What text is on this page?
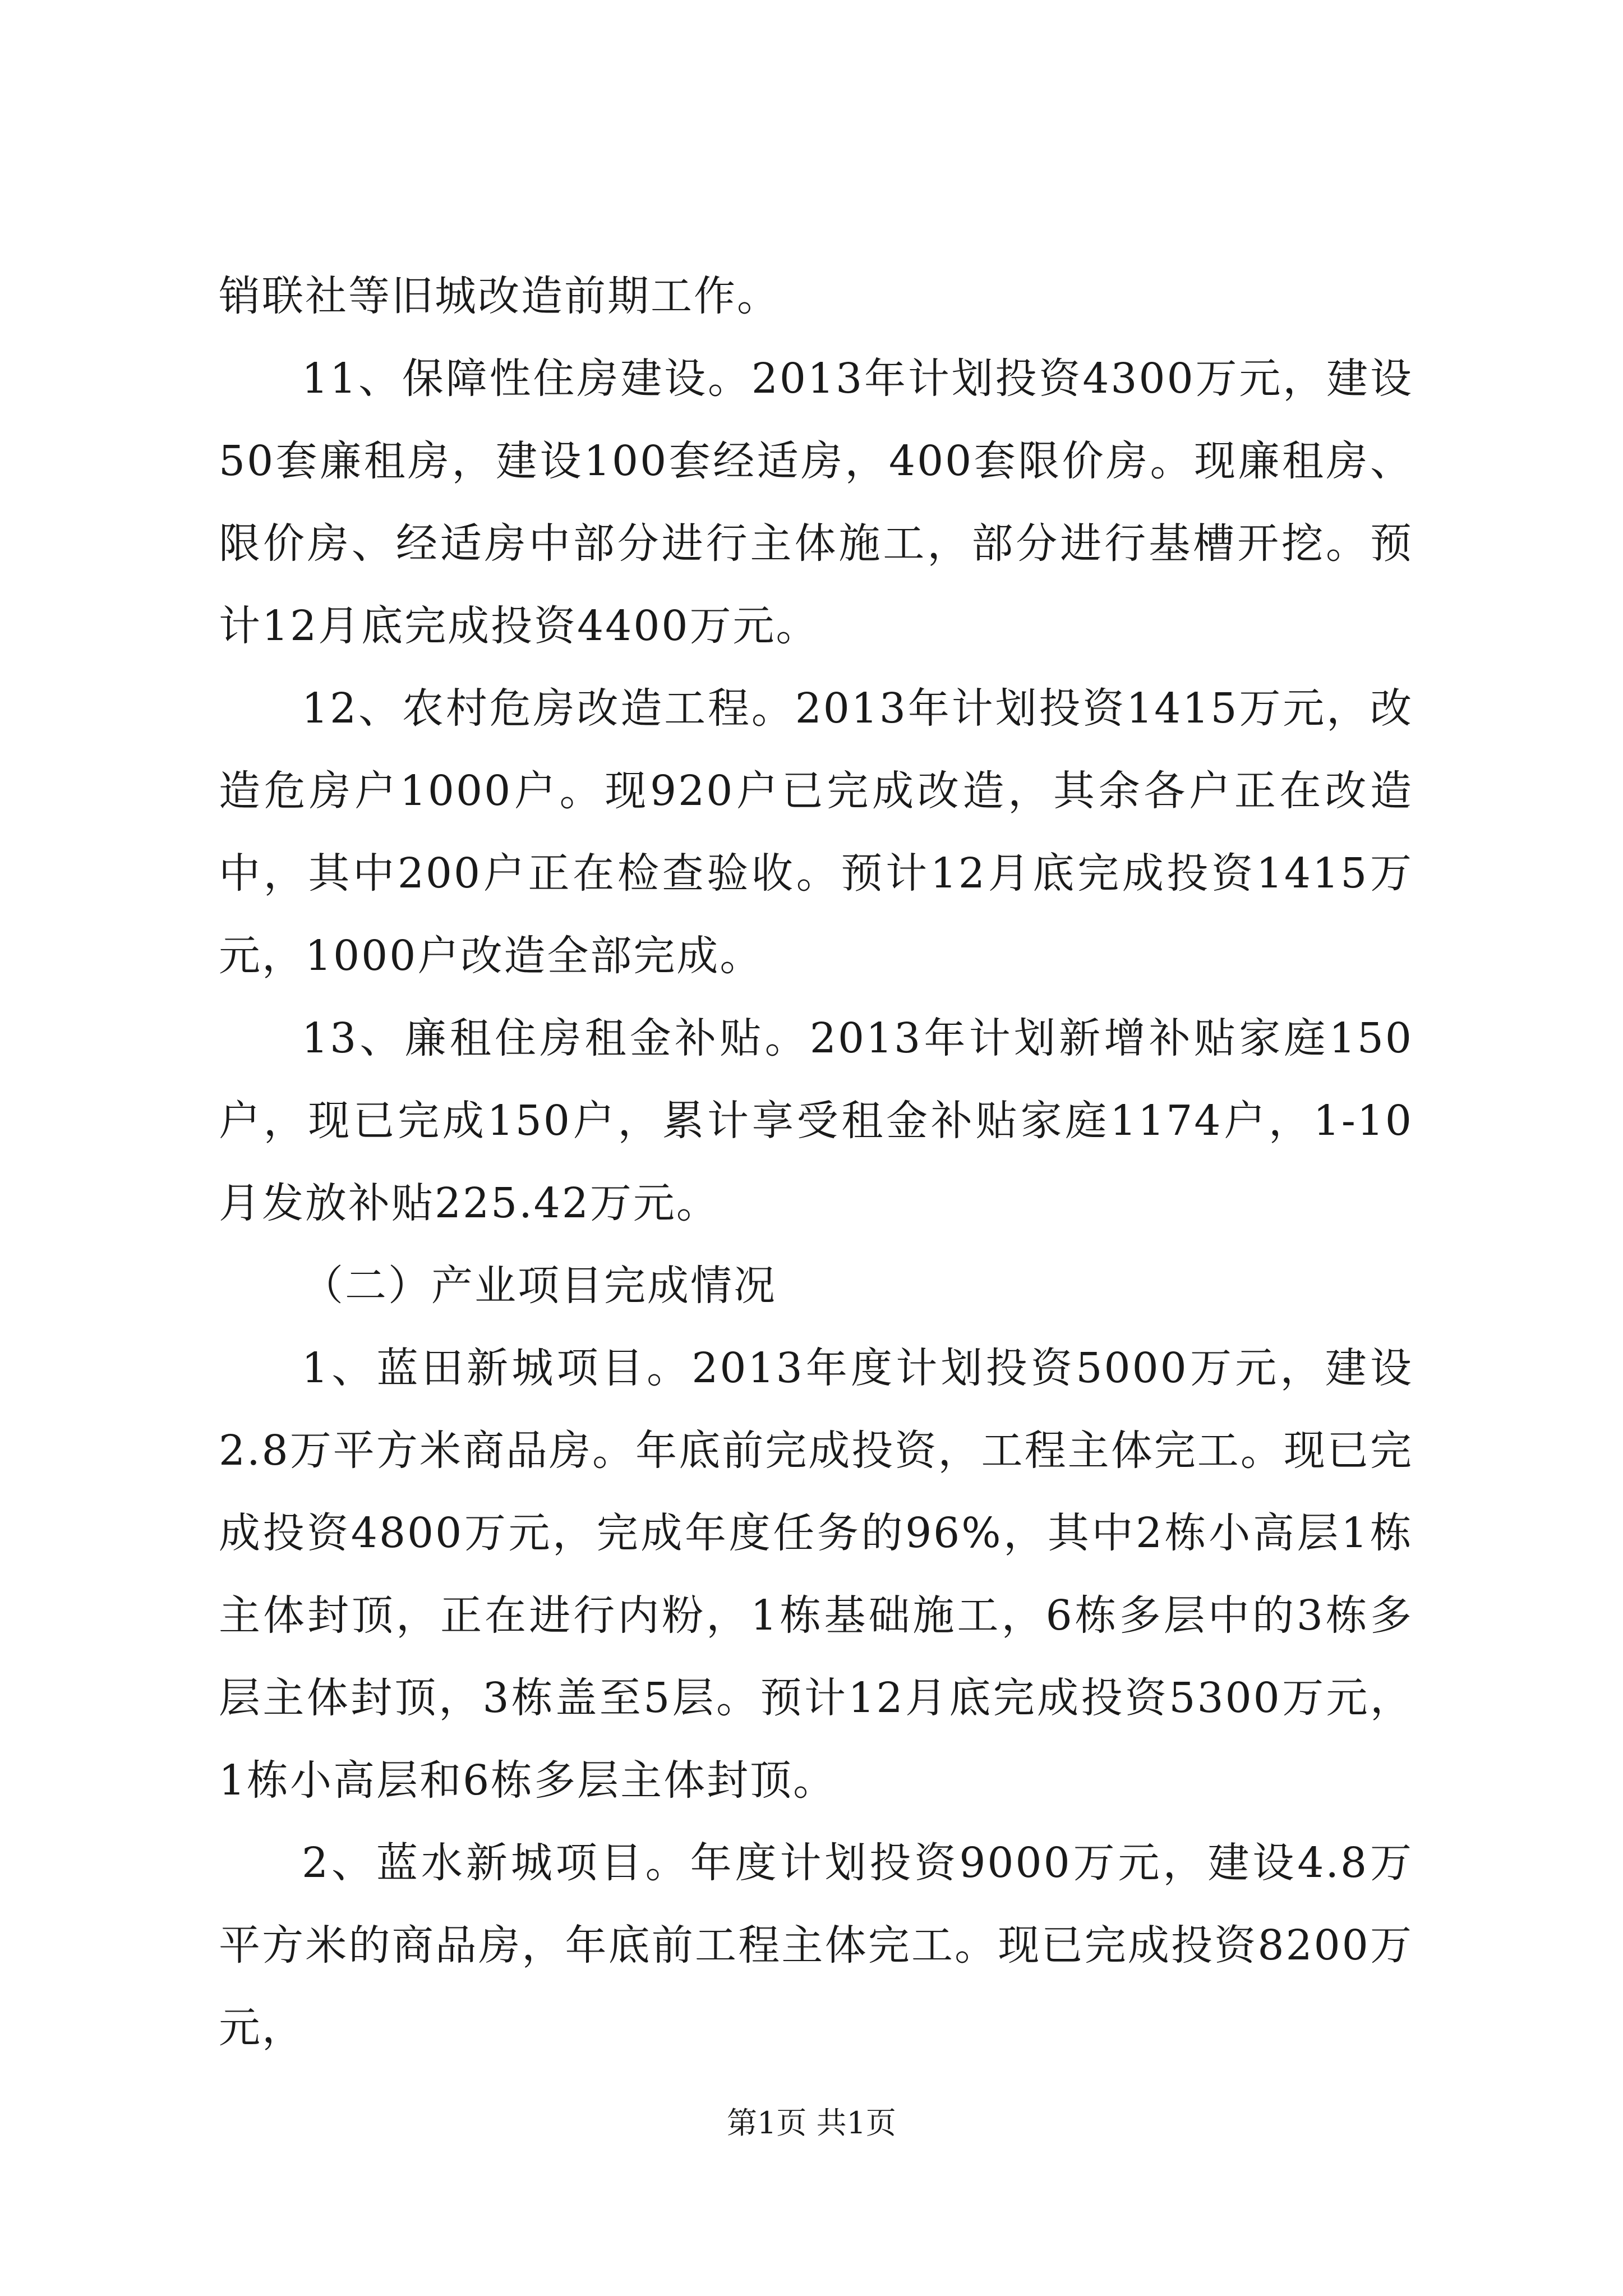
销联社等旧城改造前期工作。

11、保障性住房建设。2013年计划投资4300万元，建设50套廉租房，建设100套经适房，400套限价房。现廉租房、限价房、经适房中部分进行主体施工，部分进行基槽开挖。预计12月底完成投资4400万元。

12、农村危房改造工程。2013年计划投资1415万元，改造危房户1000户。现920户已完成改造，其余各户正在改造中，其中200户正在检查验收。预计12月底完成投资1415万元，1000户改造全部完成。

13、廉租住房租金补贴。2013年计划新增补贴家庭150户，现已完成150户，累计享受租金补贴家庭1174户，1-10月发放补贴225.42万元。

（二）产业项目完成情况

1、蓝田新城项目。2013年度计划投资5000万元，建设2.8万平方米商品房。年底前完成投资，工程主体完工。现已完成投资4800万元，完成年度任务的96%，其中2栋小高层1栋主体封顶，正在进行内粉，1栋基础施工，6栋多层中的3栋多层主体封顶，3栋盖至5层。预计12月底完成投资5300万元，1栋小高层和6栋多层主体封顶。

2、蓝水新城项目。年度计划投资9000万元，建设4.8万平方米的商品房，年底前工程主体完工。现已完成投资8200万元，

第1页 共1页
